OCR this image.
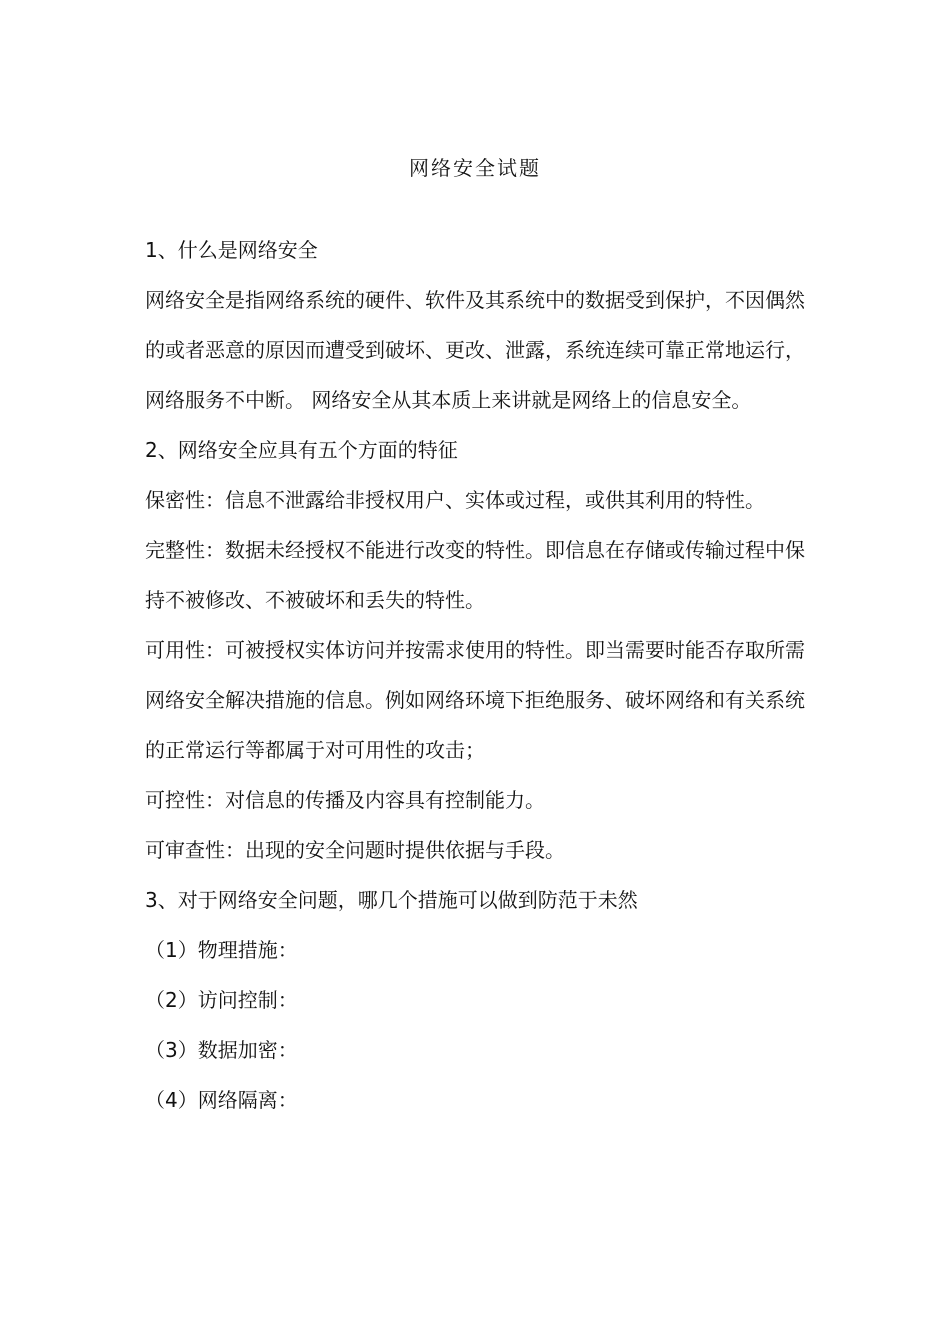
网络安全试题

1、什么是网络安全

网络安全是指网络系统的硬件、软件及其系统中的数据受到保护，不因偶然的或者恶意的原因而遭受到破坏、更改、泄露，系统连续可靠正常地运行，网络服务不中断。 网络安全从其本质上来讲就是网络上的信息安全。

2、网络安全应具有五个方面的特征

保密性：信息不泄露给非授权用户、实体或过程，或供其利用的特性。

完整性：数据未经授权不能进行改变的特性。即信息在存储或传输过程中保持不被修改、不被破坏和丢失的特性。

可用性：可被授权实体访问并按需求使用的特性。即当需要时能否存取所需网络安全解决措施的信息。例如网络环境下拒绝服务、破坏网络和有关系统的正常运行等都属于对可用性的攻击；

可控性：对信息的传播及内容具有控制能力。

可审查性：出现的安全问题时提供依据与手段。

3、对于网络安全问题，哪几个措施可以做到防范于未然

（1）物理措施：

（2）访问控制：

（3）数据加密：

（4）网络隔离：
